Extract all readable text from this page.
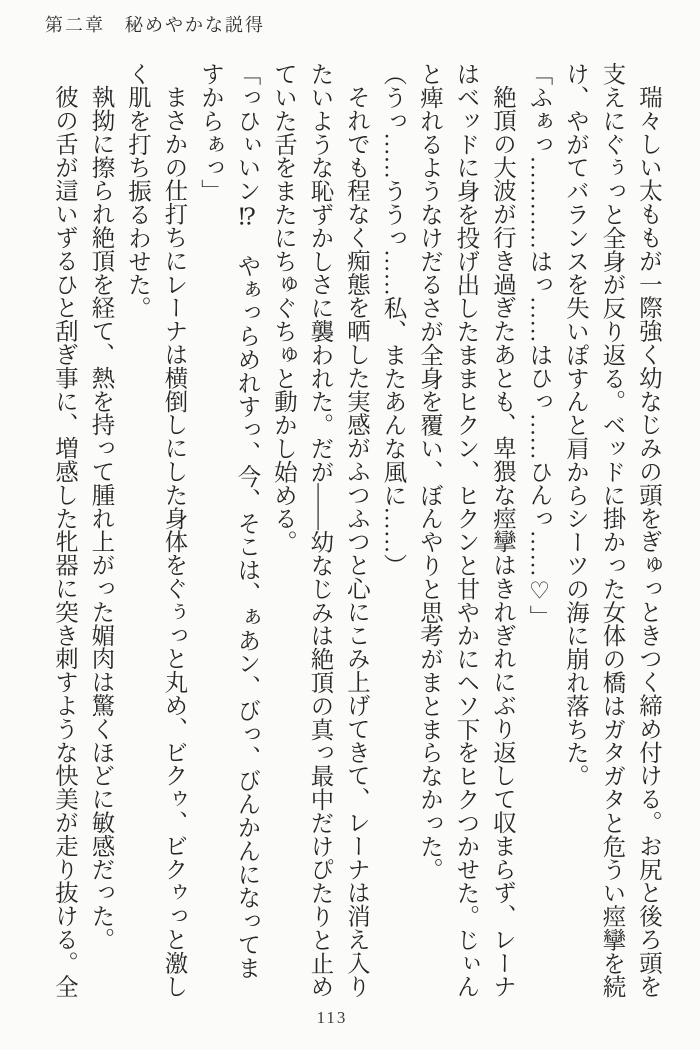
第二章　秘めやかな説得

瑞々しい太ももが一際強く幼なじみの頭をぎゅっときつく締め付ける。お尻と後ろ頭を支えにぐぅっと全身が反り返る。ベッドに掛かった女体の橋はガタガタと危うい痙攣を続け、やがてバランスを失いぽすんと肩からシーツの海に崩れ落ちた。

「ふぁっ…………はっ……はひっ……ひんっ……♡」

絶頂の大波が行き過ぎたあとも、卑猥な痙攣はきれぎれにぶり返して収まらず、レーナはベッドに身を投げ出したままヒクン、ヒクンと甘やかにヘソ下をヒクつかせた。じぃんと痺れるようなけだるさが全身を覆い、ぼんやりと思考がまとまらなかった。

（うっ……ううっ……私、またあんな風に……）

それでも程なく痴態を晒した実感がふつふつと心にこみ上げてきて、レーナは消え入りたいような恥ずかしさに襲われた。だが――幼なじみは絶頂の真っ最中だけぴたりと止めていた舌をまたにちゅぐちゅと動かし始める。

「っひぃいン⁉　やぁっらめれすっ、今、そこは、ぁあン、びっ、びんかんになってますからぁっ」

まさかの仕打ちにレーナは横倒しにした身体をぐぅっと丸め、ビクゥ、ビクゥっと激しく肌を打ち振るわせた。

執拗に擦られ絶頂を経て、熱を持って腫れ上がった媚肉は驚くほどに敏感だった。

彼の舌が這いずるひと刮ぎ事に、増感した牝器に突き刺すような快美が走り抜ける。全

113
